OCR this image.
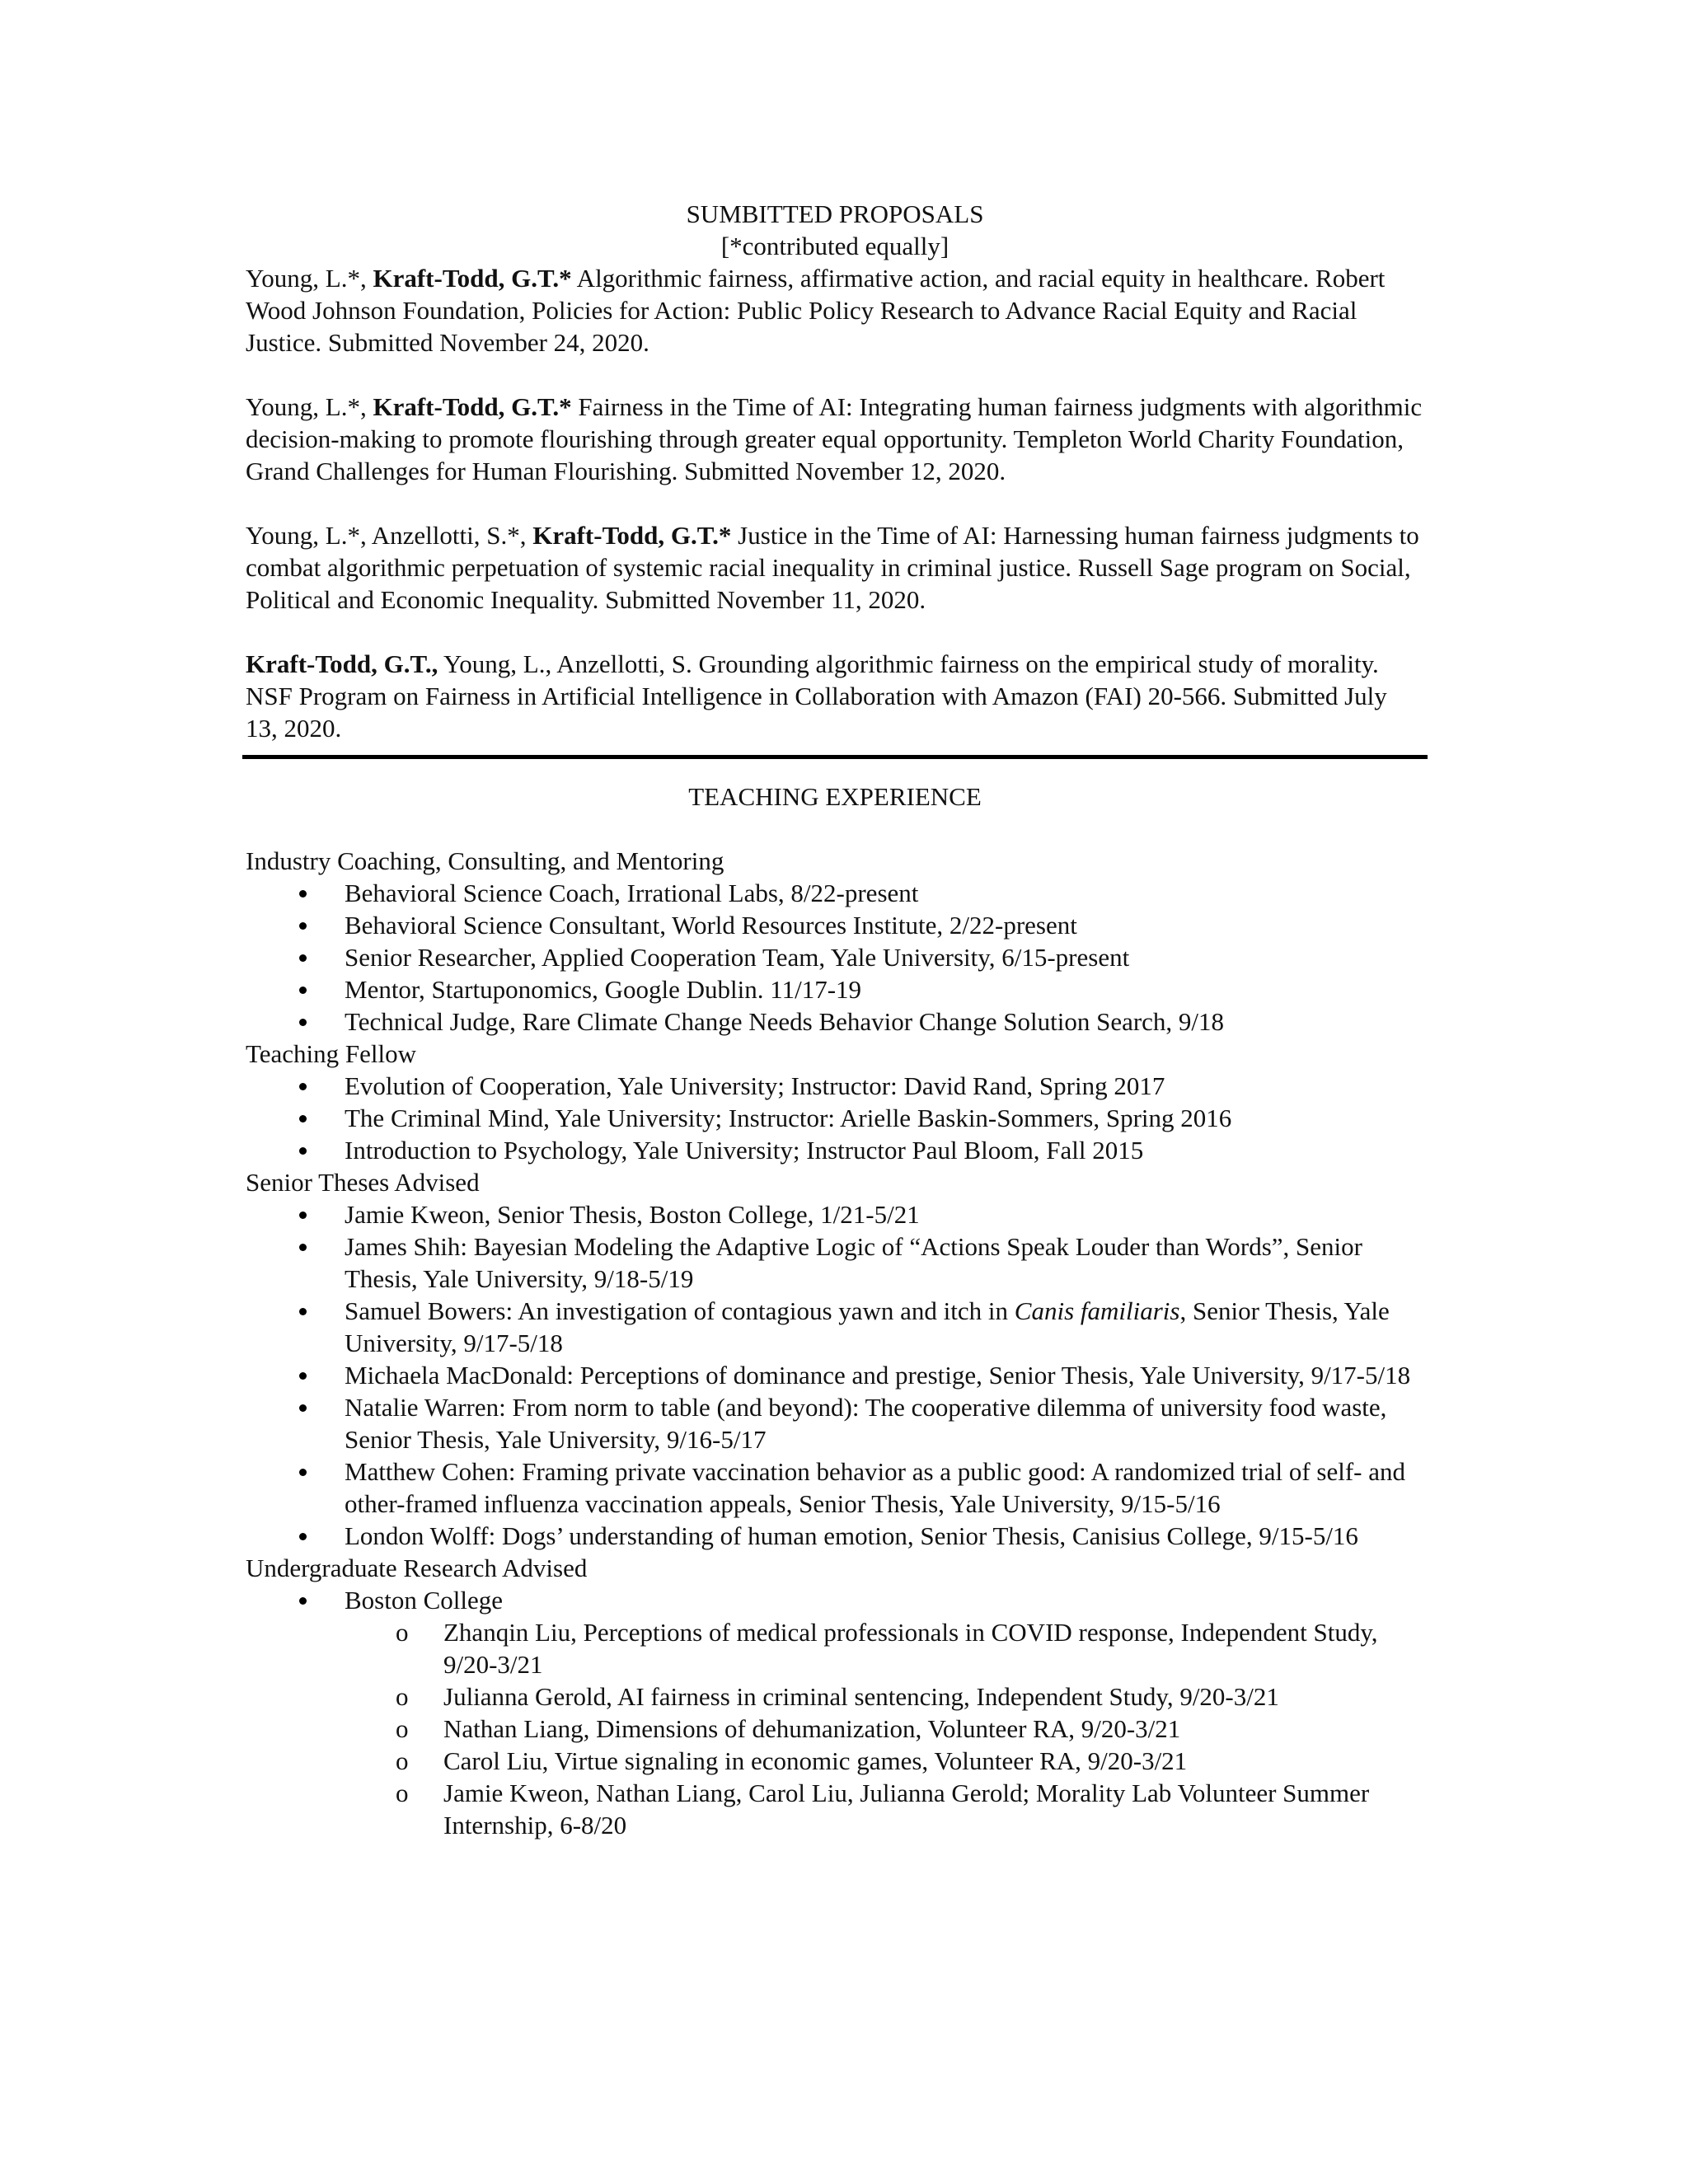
SUMBITTED PROPOSALS

[*contributed equally]

Young, L.*, Kraft-Todd, G.T.* Algorithmic fairness, affirmative action, and racial equity in healthcare. Robert Wood Johnson Foundation, Policies for Action: Public Policy Research to Advance Racial Equity and Racial Justice. Submitted November 24, 2020.

Young, L.*, Kraft-Todd, G.T.* Fairness in the Time of AI: Integrating human fairness judgments with algorithmic decision-making to promote flourishing through greater equal opportunity. Templeton World Charity Foundation, Grand Challenges for Human Flourishing. Submitted November 12, 2020.

Young, L.*, Anzellotti, S.*, Kraft-Todd, G.T.* Justice in the Time of AI: Harnessing human fairness judgments to combat algorithmic perpetuation of systemic racial inequality in criminal justice. Russell Sage program on Social, Political and Economic Inequality. Submitted November 11, 2020.

Kraft-Todd, G.T., Young, L., Anzellotti, S. Grounding algorithmic fairness on the empirical study of morality. NSF Program on Fairness in Artificial Intelligence in Collaboration with Amazon (FAI) 20-566. Submitted July 13, 2020.

TEACHING EXPERIENCE

Industry Coaching, Consulting, and Mentoring

Behavioral Science Coach, Irrational Labs, 8/22-present
Behavioral Science Consultant, World Resources Institute, 2/22-present
Senior Researcher, Applied Cooperation Team, Yale University, 6/15-present
Mentor, Startuponomics, Google Dublin. 11/17-19
Technical Judge, Rare Climate Change Needs Behavior Change Solution Search, 9/18

Teaching Fellow

Evolution of Cooperation, Yale University; Instructor: David Rand, Spring 2017
The Criminal Mind, Yale University; Instructor: Arielle Baskin-Sommers, Spring 2016
Introduction to Psychology, Yale University; Instructor Paul Bloom, Fall 2015

Senior Theses Advised

Jamie Kweon, Senior Thesis, Boston College, 1/21-5/21
James Shih: Bayesian Modeling the Adaptive Logic of “Actions Speak Louder than Words”, Senior Thesis, Yale University, 9/18-5/19
Samuel Bowers: An investigation of contagious yawn and itch in Canis familiaris, Senior Thesis, Yale University, 9/17-5/18
Michaela MacDonald: Perceptions of dominance and prestige, Senior Thesis, Yale University, 9/17-5/18
Natalie Warren: From norm to table (and beyond): The cooperative dilemma of university food waste, Senior Thesis, Yale University, 9/16-5/17
Matthew Cohen: Framing private vaccination behavior as a public good: A randomized trial of self- and other-framed influenza vaccination appeals, Senior Thesis, Yale University, 9/15-5/16
London Wolff: Dogs’ understanding of human emotion, Senior Thesis, Canisius College, 9/15-5/16

Undergraduate Research Advised

Boston College
o Zhanqin Liu, Perceptions of medical professionals in COVID response, Independent Study, 9/20-3/21
o Julianna Gerold, AI fairness in criminal sentencing, Independent Study, 9/20-3/21
o Nathan Liang, Dimensions of dehumanization, Volunteer RA, 9/20-3/21
o Carol Liu, Virtue signaling in economic games, Volunteer RA, 9/20-3/21
o Jamie Kweon, Nathan Liang, Carol Liu, Julianna Gerold; Morality Lab Volunteer Summer Internship, 6-8/20
